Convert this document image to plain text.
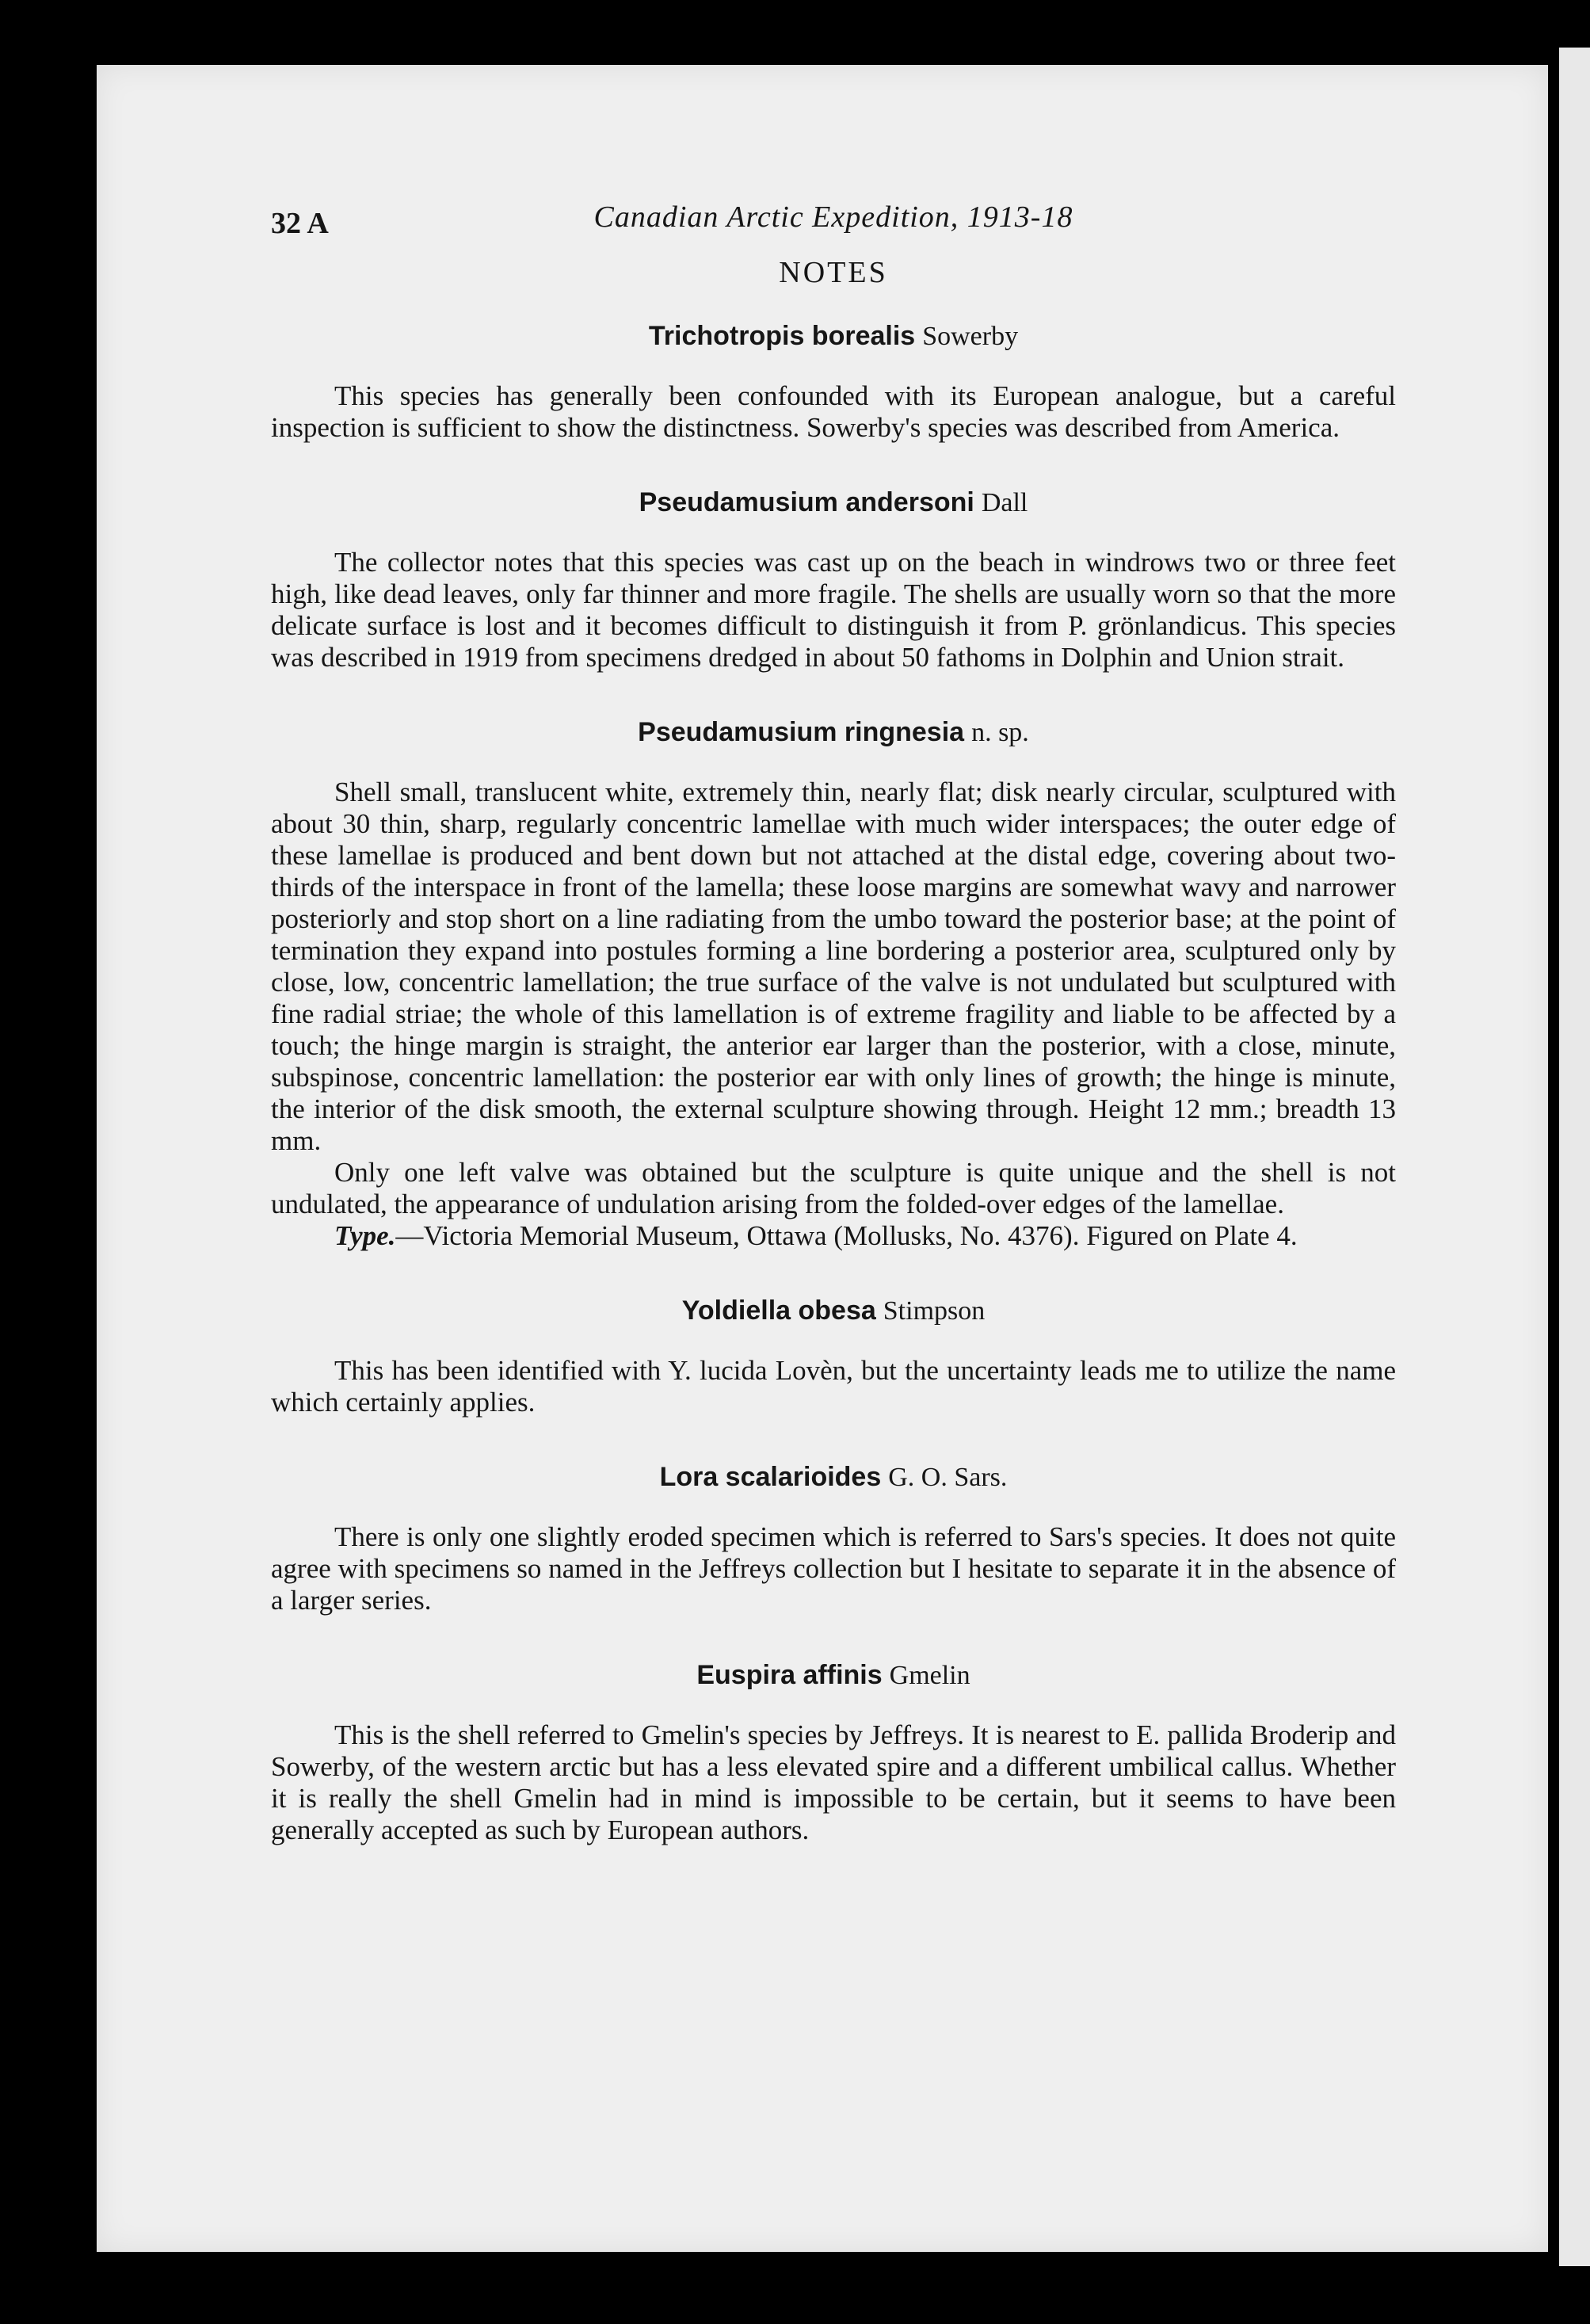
32 A	Canadian Arctic Expedition, 1913-18
NOTES
Trichotropis borealis Sowerby

This species has generally been confounded with its European analogue, but a careful inspection is sufficient to show the distinctness. Sowerby's species was described from America.

Pseudamusium andersoni Dall

The collector notes that this species was cast up on the beach in windrows two or three feet high, like dead leaves, only far thinner and more fragile. The shells are usually worn so that the more delicate surface is lost and it becomes difficult to distinguish it from P. grönlandicus. This species was described in 1919 from specimens dredged in about 50 fathoms in Dolphin and Union strait.

Pseudamusium ringnesia n. sp.

Shell small, translucent white, extremely thin, nearly flat; disk nearly circular, sculptured with about 30 thin, sharp, regularly concentric lamellae with much wider interspaces; the outer edge of these lamellae is produced and bent down but not attached at the distal edge, covering about two-thirds of the interspace in front of the lamella; these loose margins are somewhat wavy and narrower posteriorly and stop short on a line radiating from the umbo toward the posterior base; at the point of termination they expand into postules forming a line bordering a posterior area, sculptured only by close, low, concentric lamellation; the true surface of the valve is not undulated but sculptured with fine radial striae; the whole of this lamellation is of extreme fragility and liable to be affected by a touch; the hinge margin is straight, the anterior ear larger than the posterior, with a close, minute, subspinose, concentric lamellation: the posterior ear with only lines of growth; the hinge is minute, the interior of the disk smooth, the external sculpture showing through. Height 12 mm.; breadth 13 mm.

Only one left valve was obtained but the sculpture is quite unique and the shell is not undulated, the appearance of undulation arising from the folded-over edges of the lamellae.

Type.—Victoria Memorial Museum, Ottawa (Mollusks, No. 4376). Figured on Plate 4.

Yoldiella obesa Stimpson

This has been identified with Y. lucida Lovèn, but the uncertainty leads me to utilize the name which certainly applies.

Lora scalarioides G. O. Sars.

There is only one slightly eroded specimen which is referred to Sars's species. It does not quite agree with specimens so named in the Jeffreys collection but I hesitate to separate it in the absence of a larger series.

Euspira affinis Gmelin

This is the shell referred to Gmelin's species by Jeffreys. It is nearest to E. pallida Broderip and Sowerby, of the western arctic but has a less elevated spire and a different umbilical callus. Whether it is really the shell Gmelin had in mind is impossible to be certain, but it seems to have been generally accepted as such by European authors.
